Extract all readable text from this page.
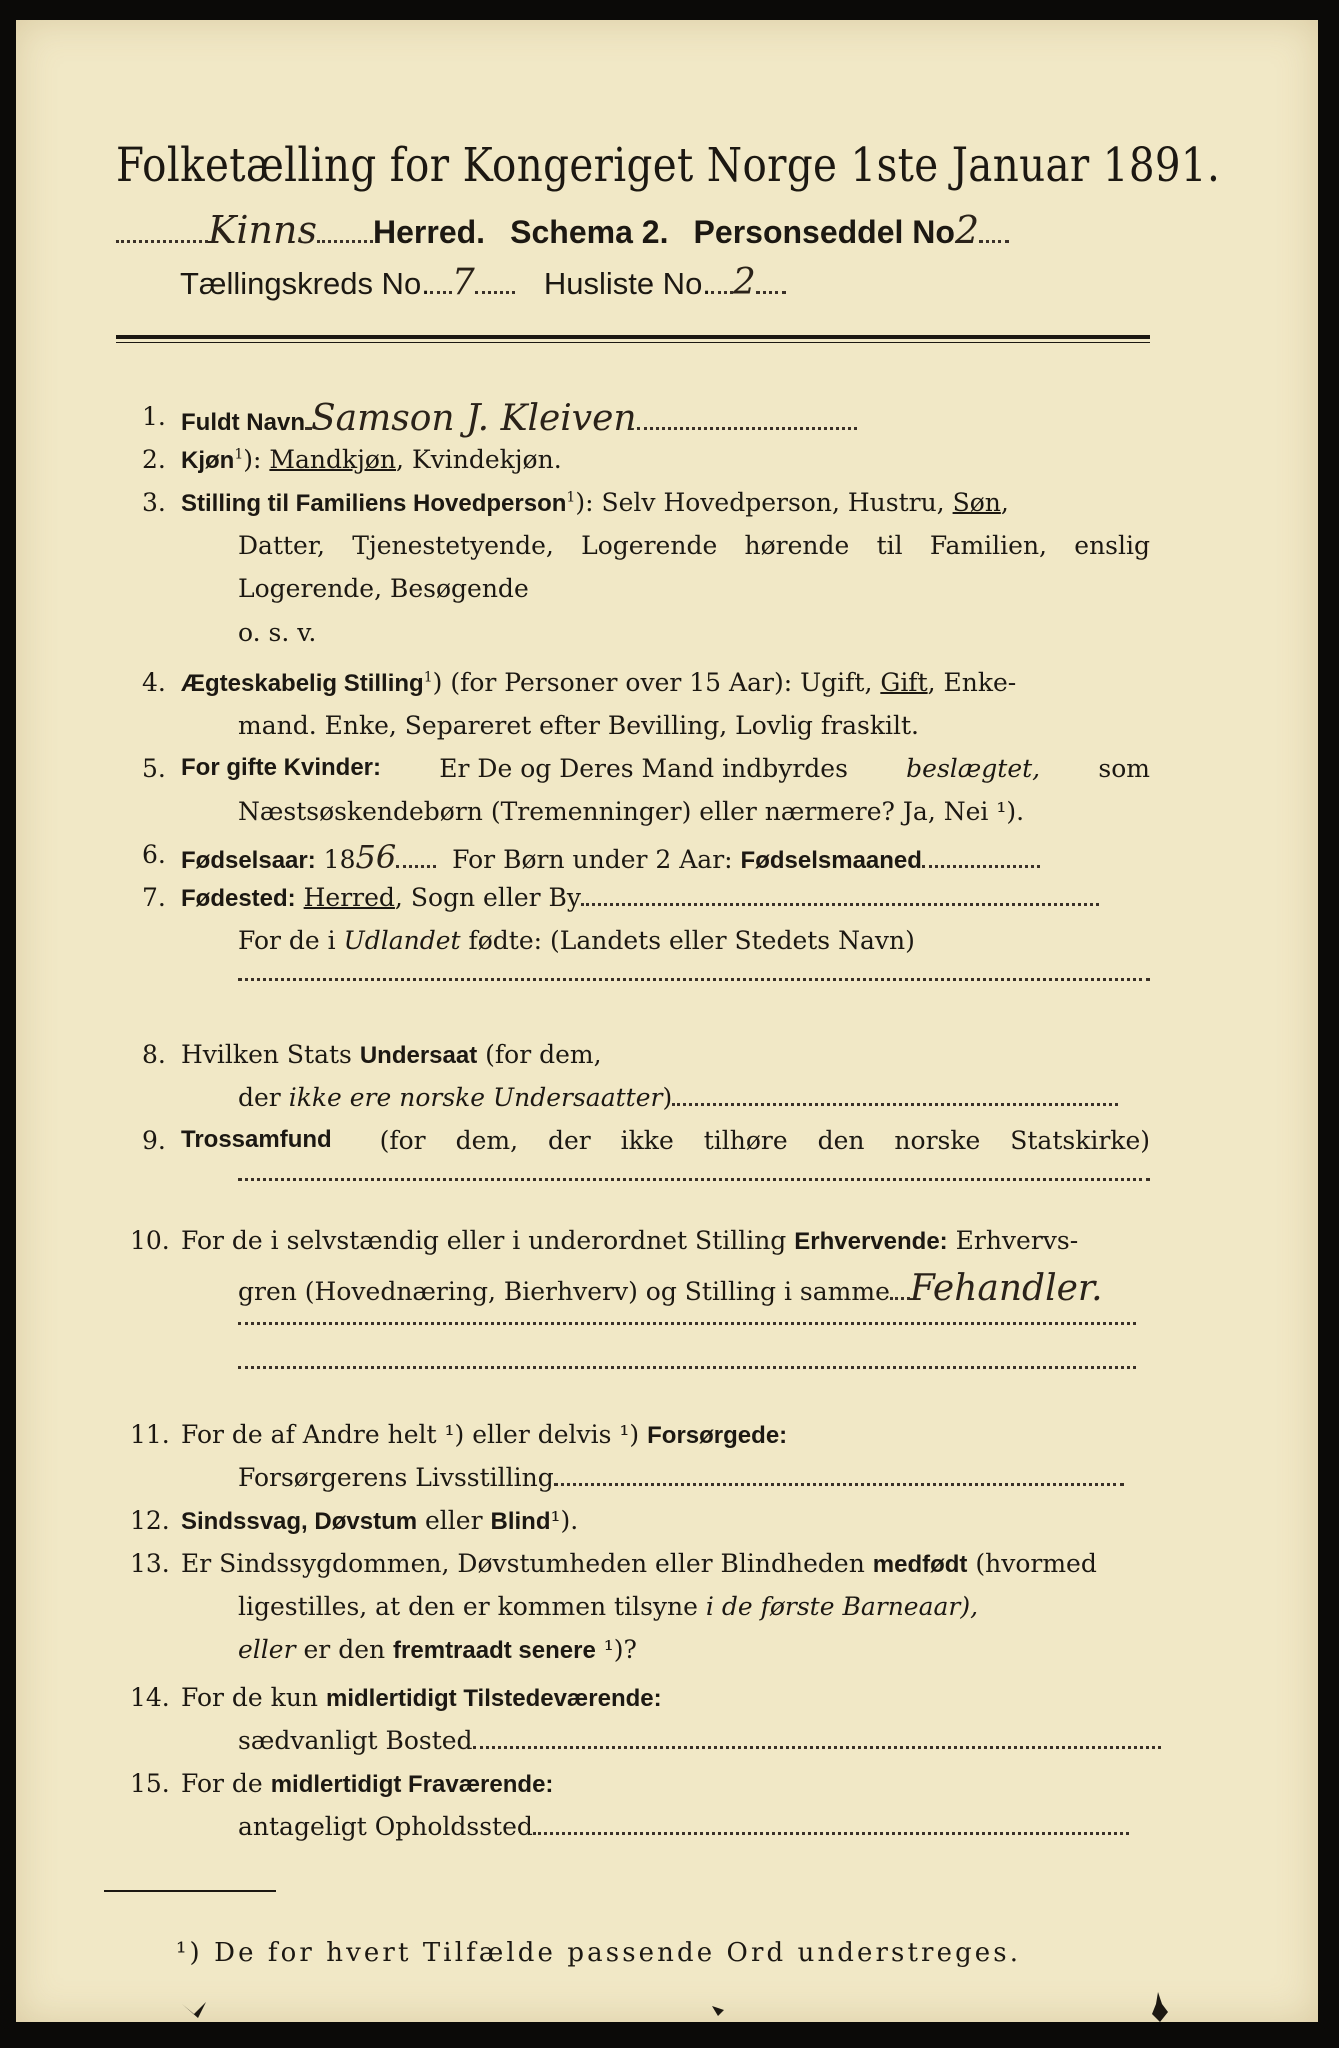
Folketælling for Kongeriget Norge 1ste Januar 1891.
Kinns Herred. Schema 2. Personseddel No2
Tællingskreds No. 7 Husliste No. 2
1. Fuldt Navn Samson J. Kleiven
2. Kjøn$^1$): Mandkjøn, Kvindekjøn.
3. Stilling til Familiens Hovedperson$^1$): Selv Hovedperson, Hustru, Søn,
Datter, Tjenestetyende, Logerende hørende til Familien, enslig
Logerende, Besøgende
o. s. v.
4. Ægteskabelig Stilling$^1$) (for Personer over 15 Aar): Ugift, Gift, Enke-
mand. Enke, Separeret efter Bevilling, Lovlig fraskilt.
5. For gifte Kvinder: Er De og Deres Mand indbyrdes beslægtet, som
Næstsøskendebørn (Tremenninger) eller nærmere? Ja, Nei ¹).
6. Fødselsaar: 1856 For Børn under 2 Aar: Fødselsmaaned
7. Fødested: Herred, Sogn eller By
For de i Udlandet fødte: (Landets eller Stedets Navn)
8. Hvilken Stats Undersaat (for dem,
der ikke ere norske Undersaatter)
9. Trossamfund (for dem, der ikke tilhøre den norske Statskirke)
10. For de i selvstændig eller i underordnet Stilling Erhvervende: Erhvervs-
gren (Hovednæring, Bierhverv) og Stilling i samme Fehandler.
11. For de af Andre helt ¹) eller delvis ¹) Forsørgede:
Forsørgerens Livsstilling
12. Sindssvag, Døvstum eller Blind¹).
13. Er Sindssygdommen, Døvstumheden eller Blindheden medfødt (hvormed
ligestilles, at den er kommen tilsyne i de første Barneaar),
eller er den fremtraadt senere ¹)?
14. For de kun midlertidigt Tilstedeværende:
sædvanligt Bosted
15. For de midlertidigt Fraværende:
antageligt Opholdssted
¹) De for hvert Tilfælde passende Ord understreges.
